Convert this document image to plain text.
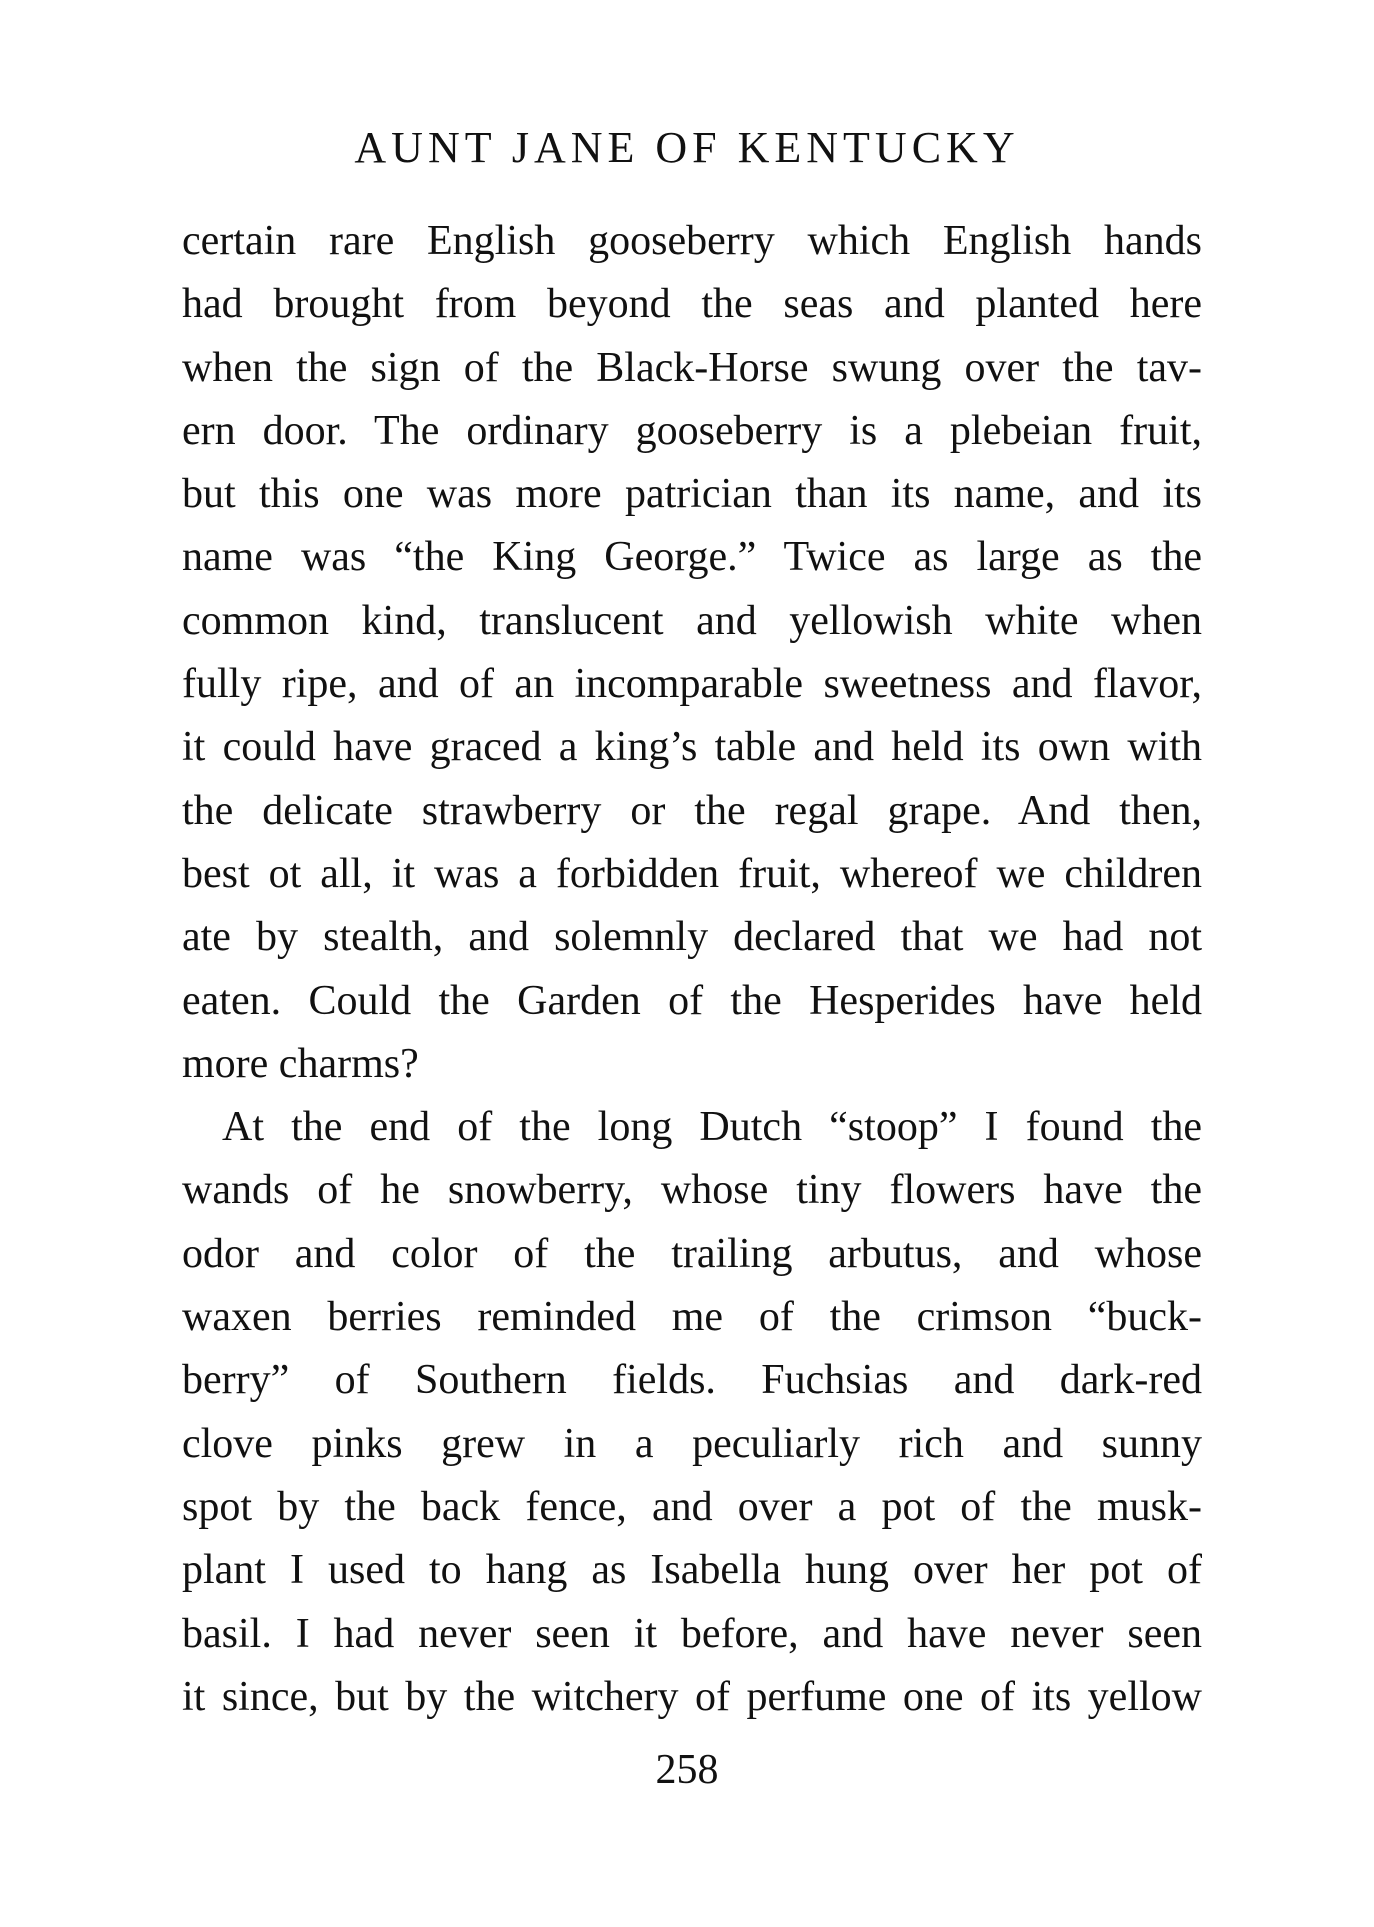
AUNT JANE OF KENTUCKY
certain rare English gooseberry which English hands
had brought from beyond the seas and planted here
when the sign of the Black-Horse swung over the tav-
ern door. The ordinary gooseberry is a plebeian fruit,
but this one was more patrician than its name, and its
name was “the King George.” Twice as large as the
common kind, translucent and yellowish white when
fully ripe, and of an incomparable sweetness and flavor,
it could have graced a king’s table and held its own with
the delicate strawberry or the regal grape. And then,
best ot all, it was a forbidden fruit, whereof we children
ate by stealth, and solemnly declared that we had not
eaten. Could the Garden of the Hesperides have held
more charms?
At the end of the long Dutch “stoop” I found the
wands of he snowberry, whose tiny flowers have the
odor and color of the trailing arbutus, and whose
waxen berries reminded me of the crimson “buck-
berry” of Southern fields. Fuchsias and dark-red
clove pinks grew in a peculiarly rich and sunny
spot by the back fence, and over a pot of the musk-
plant I used to hang as Isabella hung over her pot of
basil. I had never seen it before, and have never seen
it since, but by the witchery of perfume one of its yellow
258
